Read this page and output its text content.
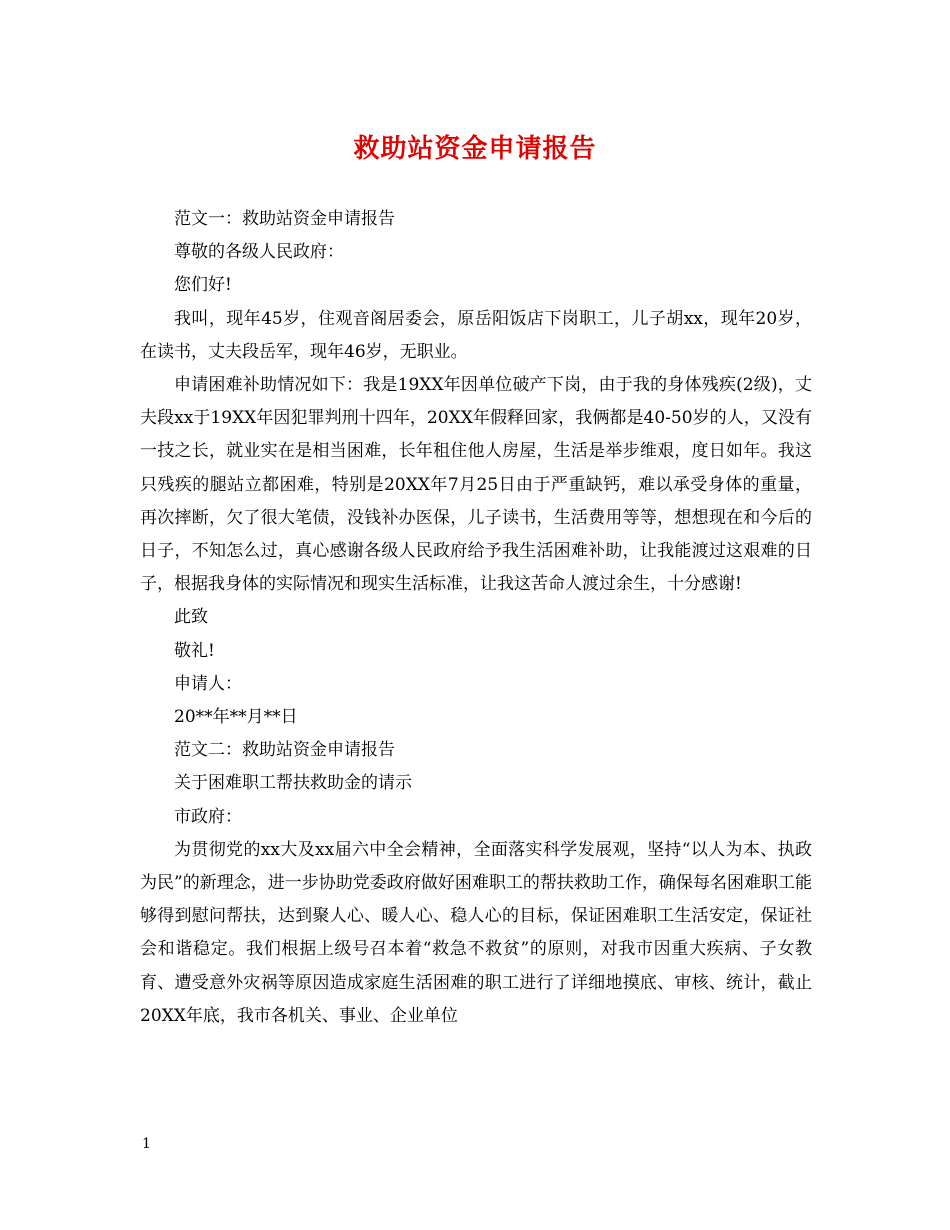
救助站资金申请报告

范文一：救助站资金申请报告

尊敬的各级人民政府：

您们好!

我叫，现年45岁，住观音阁居委会，原岳阳饭店下岗职工，儿子胡xx，现年20岁，在读书，丈夫段岳军，现年46岁，无职业。

申请困难补助情况如下：我是19XX年因单位破产下岗，由于我的身体残疾(2级)，丈夫段xx于19XX年因犯罪判刑十四年，20XX年假释回家，我俩都是40-50岁的人，又没有一技之长，就业实在是相当困难，长年租住他人房屋，生活是举步维艰，度日如年。我这只残疾的腿站立都困难，特别是20XX年7月25日由于严重缺钙，难以承受身体的重量，再次摔断，欠了很大笔债，没钱补办医保，儿子读书，生活费用等等，想想现在和今后的日子，不知怎么过，真心感谢各级人民政府给予我生活困难补助，让我能渡过这艰难的日子，根据我身体的实际情况和现实生活标准，让我这苦命人渡过余生，十分感谢!

此致

敬礼!

申请人：

20**年**月**日

范文二：救助站资金申请报告

关于困难职工帮扶救助金的请示

市政府：

为贯彻党的xx大及xx届六中全会精神，全面落实科学发展观，坚持“以人为本、执政为民”的新理念，进一步协助党委政府做好困难职工的帮扶救助工作，确保每名困难职工能够得到慰问帮扶，达到聚人心、暖人心、稳人心的目标，保证困难职工生活安定，保证社会和谐稳定。我们根据上级号召本着“救急不救贫”的原则，对我市因重大疾病、子女教育、遭受意外灾祸等原因造成家庭生活困难的职工进行了详细地摸底、审核、统计，截止20XX年底，我市各机关、事业、企业单位

1
